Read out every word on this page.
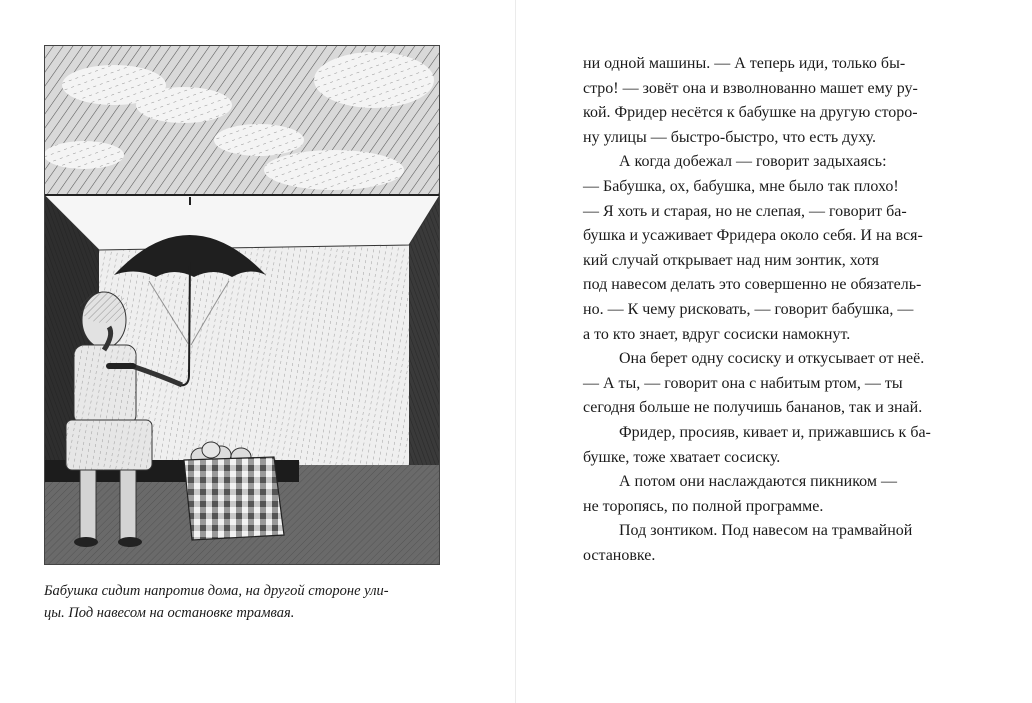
Бабушка сидит напротив дома, на другой стороне ули-
цы. Под навесом на остановке трамвая.
ни одной машины. — А теперь иди, только бы-
стро! — зовёт она и взволнованно машет ему ру-
кой. Фридер несётся к бабушке на другую сторо-
ну улицы — быстро-быстро, что есть духу.
А когда добежал — говорит задыхаясь:
— Бабушка, ох, бабушка, мне было так плохо!
— Я хоть и старая, но не слепая, — говорит ба-
бушка и усаживает Фридера около себя. И на вся-
кий случай открывает над ним зонтик, хотя
под навесом делать это совершенно не обязатель-
но. — К чему рисковать, — говорит бабушка, —
а то кто знает, вдруг сосиски намокнут.
Она берет одну сосиску и откусывает от неё.
— А ты, — говорит она с набитым ртом, — ты
сегодня больше не получишь бананов, так и знай.
Фридер, просияв, кивает и, прижавшись к ба-
бушке, тоже хватает сосиску.
А потом они наслаждаются пикником —
не торопясь, по полной программе.
Под зонтиком. Под навесом на трамвайной
остановке.
